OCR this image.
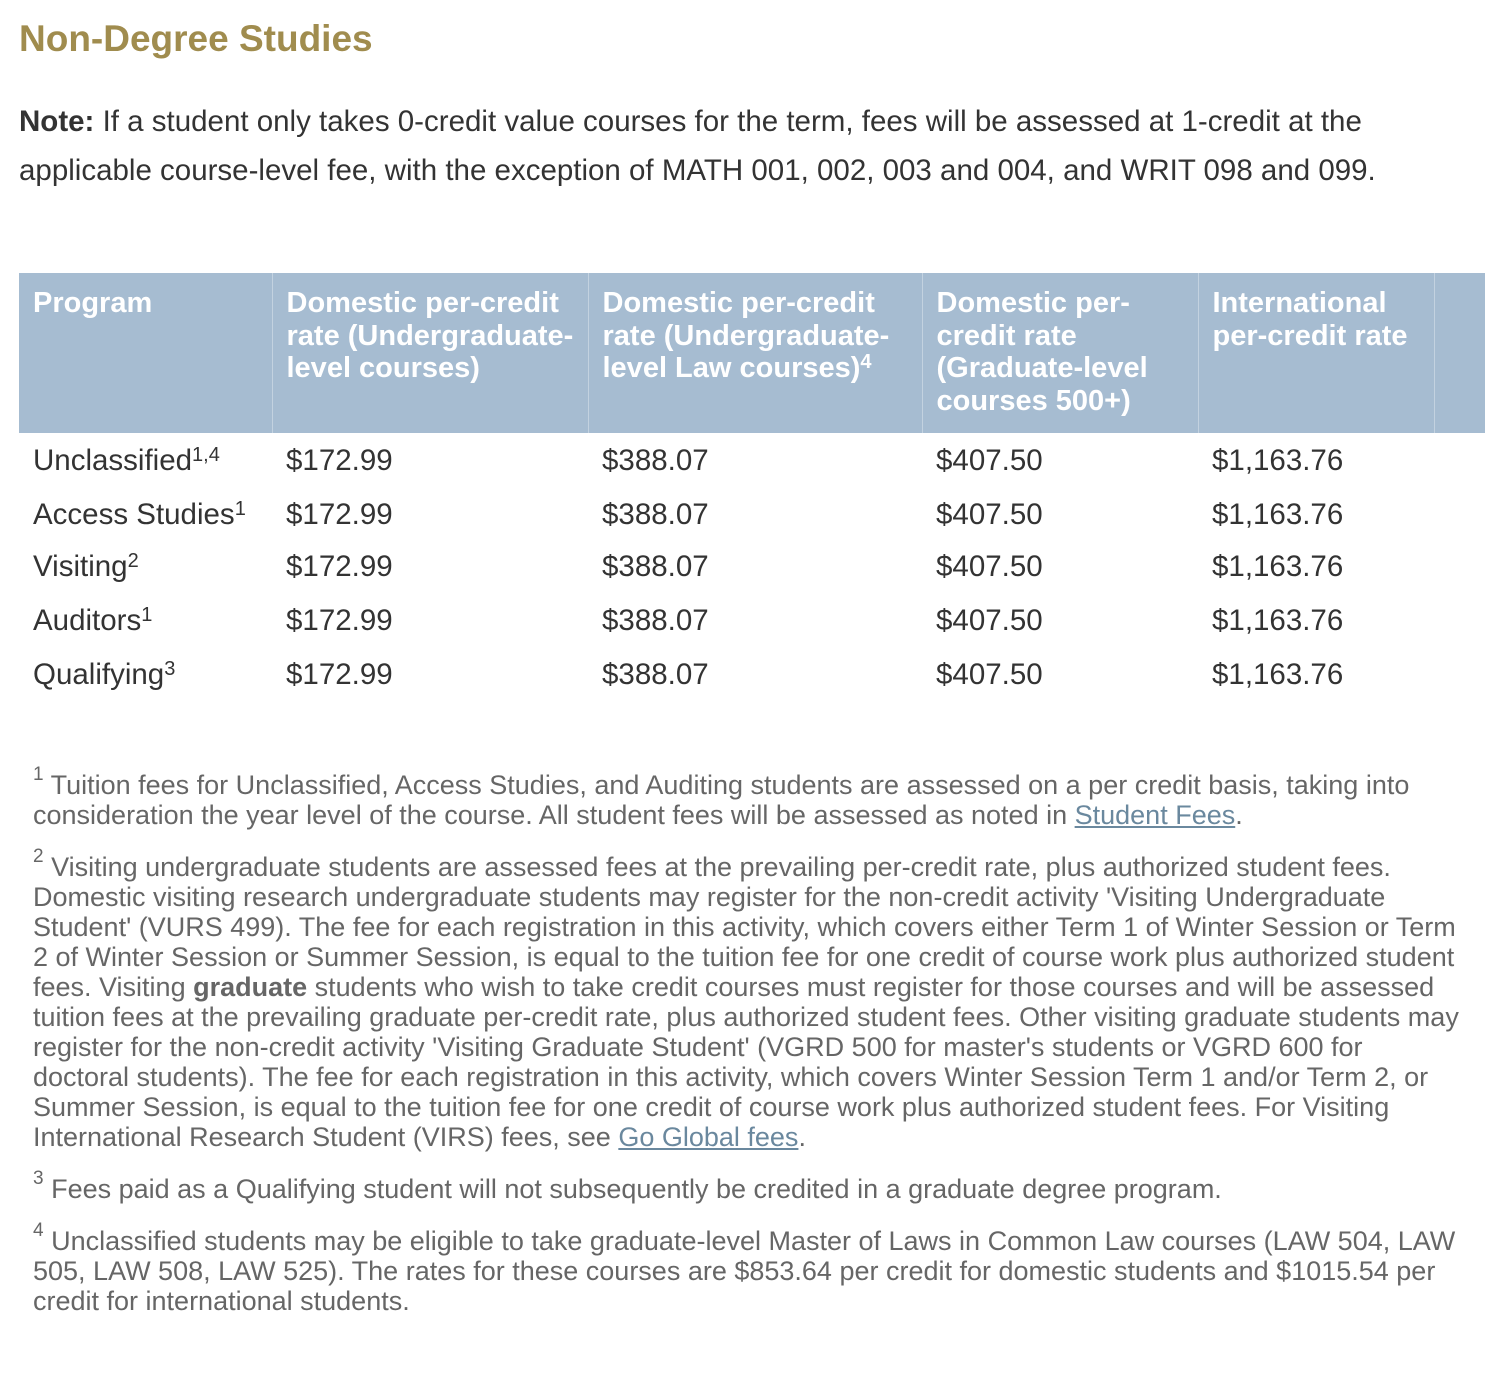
Non-Degree Studies
Note: If a student only takes 0-credit value courses for the term, fees will be assessed at 1-credit at the applicable course-level fee, with the exception of MATH 001, 002, 003 and 004, and WRIT 098 and 099.
Program	Domestic per-credit rate (Undergraduate-level courses)	Domestic per-credit rate (Undergraduate-level Law courses)$^4$	Domestic per-credit rate (Graduate-level courses 500+)	International per-credit rate	
Unclassified$^{1,4}$	$172.99	$388.07	$407.50	$1,163.76	
Access Studies$^1$	$172.99	$388.07	$407.50	$1,163.76	
Visiting$^2$	$172.99	$388.07	$407.50	$1,163.76	
Auditors$^1$	$172.99	$388.07	$407.50	$1,163.76	
Qualifying$^3$	$172.99	$388.07	$407.50	$1,163.76	

$^1$ Tuition fees for Unclassified, Access Studies, and Auditing students are assessed on a per credit basis, taking into consideration the year level of the course. All student fees will be assessed as noted in Student Fees.

$^2$ Visiting undergraduate students are assessed fees at the prevailing per-credit rate, plus authorized student fees. Domestic visiting research undergraduate students may register for the non-credit activity 'Visiting Undergraduate Student' (VURS 499). The fee for each registration in this activity, which covers either Term 1 of Winter Session or Term 2 of Winter Session or Summer Session, is equal to the tuition fee for one credit of course work plus authorized student fees. Visiting graduate students who wish to take credit courses must register for those courses and will be assessed tuition fees at the prevailing graduate per-credit rate, plus authorized student fees. Other visiting graduate students may register for the non-credit activity 'Visiting Graduate Student' (VGRD 500 for master's students or VGRD 600 for doctoral students). The fee for each registration in this activity, which covers Winter Session Term 1 and/or Term 2, or Summer Session, is equal to the tuition fee for one credit of course work plus authorized student fees. For Visiting International Research Student (VIRS) fees, see Go Global fees.

$^3$ Fees paid as a Qualifying student will not subsequently be credited in a graduate degree program.

$^4$ Unclassified students may be eligible to take graduate-level Master of Laws in Common Law courses (LAW 504, LAW 505, LAW 508, LAW 525). The rates for these courses are $853.64 per credit for domestic students and $1015.54 per credit for international students.
